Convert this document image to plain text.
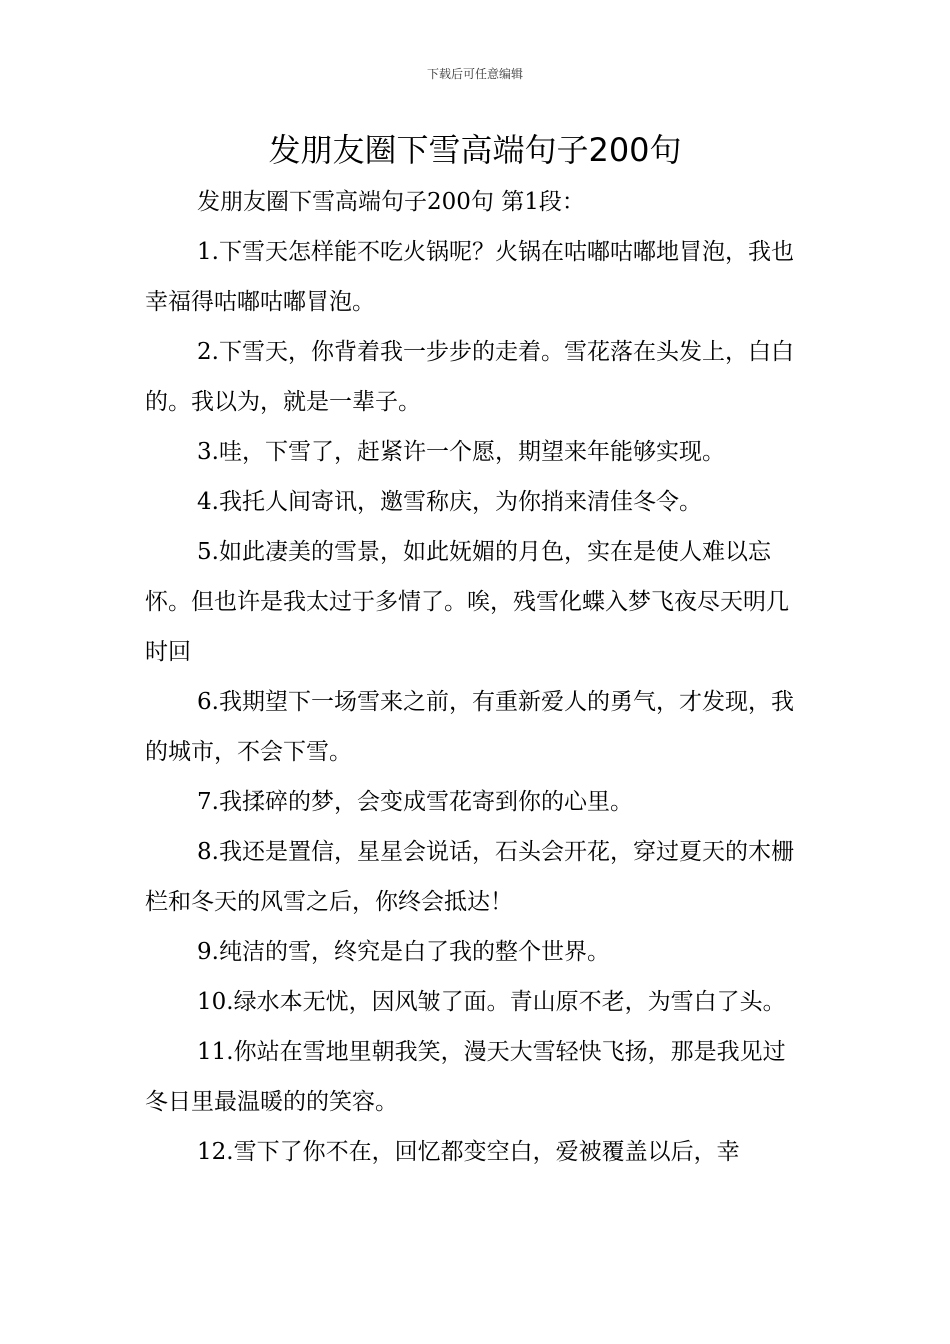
下载后可任意编辑
发朋友圈下雪高端句子200句

发朋友圈下雪高端句子200句 第1段：

1.下雪天怎样能不吃火锅呢？火锅在咕嘟咕嘟地冒泡，我也幸福得咕嘟咕嘟冒泡。

2.下雪天，你背着我一步步的走着。雪花落在头发上，白白的。我以为，就是一辈子。

3.哇，下雪了，赶紧许一个愿，期望来年能够实现。

4.我托人间寄讯，邀雪称庆，为你捎来清佳冬令。

5.如此凄美的雪景，如此妩媚的月色，实在是使人难以忘怀。但也许是我太过于多情了。唉，残雪化蝶入梦飞夜尽天明几时回

6.我期望下一场雪来之前，有重新爱人的勇气，才发现，我的城市，不会下雪。

7.我揉碎的梦，会变成雪花寄到你的心里。

8.我还是置信，星星会说话，石头会开花，穿过夏天的木栅栏和冬天的风雪之后，你终会抵达！

9.纯洁的雪，终究是白了我的整个世界。

10.绿水本无忧，因风皱了面。青山原不老，为雪白了头。

11.你站在雪地里朝我笑，漫天大雪轻快飞扬，那是我见过冬日里最温暖的的笑容。

12.雪下了你不在，回忆都变空白，爱被覆盖以后，幸
